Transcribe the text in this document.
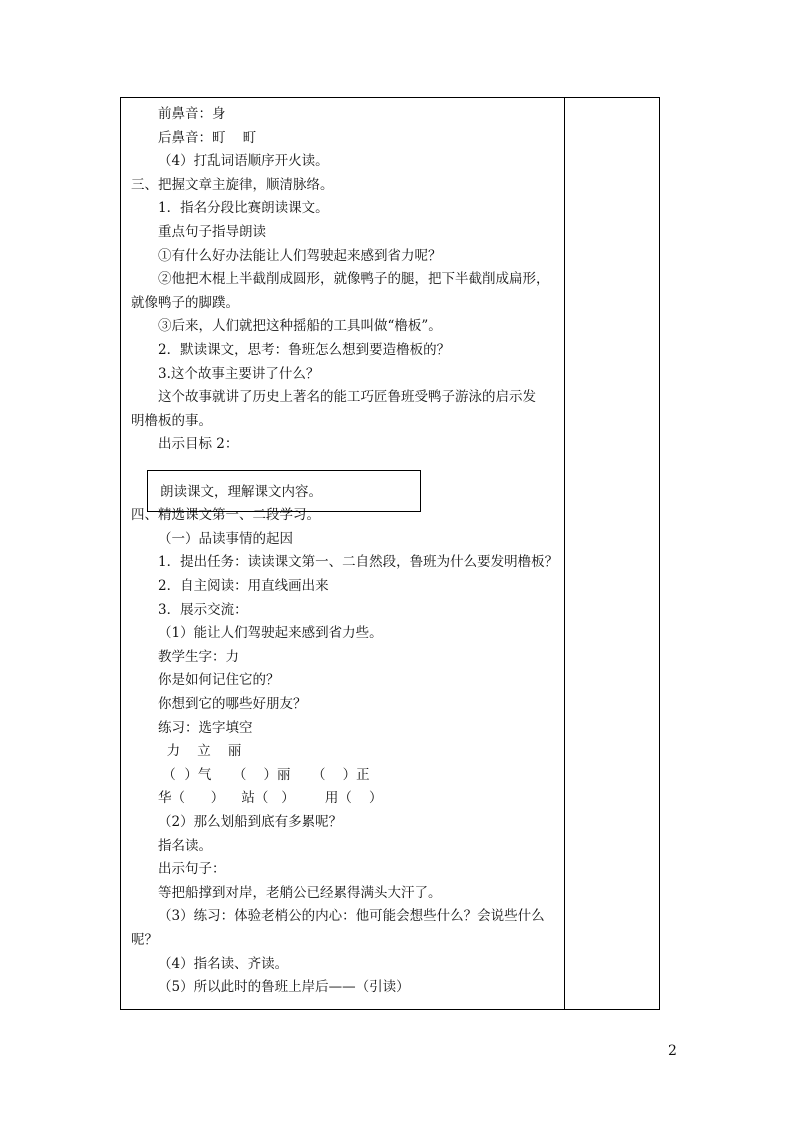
前鼻音：身
后鼻音：町    町
（4）打乱词语顺序开火读。
三、把握文章主旋律，顺清脉络。
1．指名分段比赛朗读课文。
重点句子指导朗读
①有什么好办法能让人们驾驶起来感到省力呢？
②他把木棍上半截削成圆形，就像鸭子的腿，把下半截削成扁形，
就像鸭子的脚蹼。
③后来，人们就把这种摇船的工具叫做“橹板”。
2．默读课文，思考：鲁班怎么想到要造橹板的？
3.这个故事主要讲了什么？
这个故事就讲了历史上著名的能工巧匠鲁班受鸭子游泳的启示发
明橹板的事。
出示目标 2：
四、精选课文第一、二段学习。
（一）品读事情的起因
1．提出任务：读读课文第一、二自然段，鲁班为什么要发明橹板？
2．自主阅读：用直线画出来
3．展示交流：
（1）能让人们驾驶起来感到省力些。
教学生字：力
你是如何记住它的？
你想到它的哪些好朋友？
练习：选字填空
力    立    丽
（  ）气     （    ）丽     （    ）正
华（      ）    站（   ）       用（    ）
（2）那么划船到底有多累呢？
指名读。
出示句子：
等把船撑到对岸，老艄公已经累得满头大汗了。
（3）练习：体验老梢公的内心：他可能会想些什么？会说些什么
呢？
（4）指名读、齐读。
（5）所以此时的鲁班上岸后——（引读）
朗读课文，理解课文内容。
2
